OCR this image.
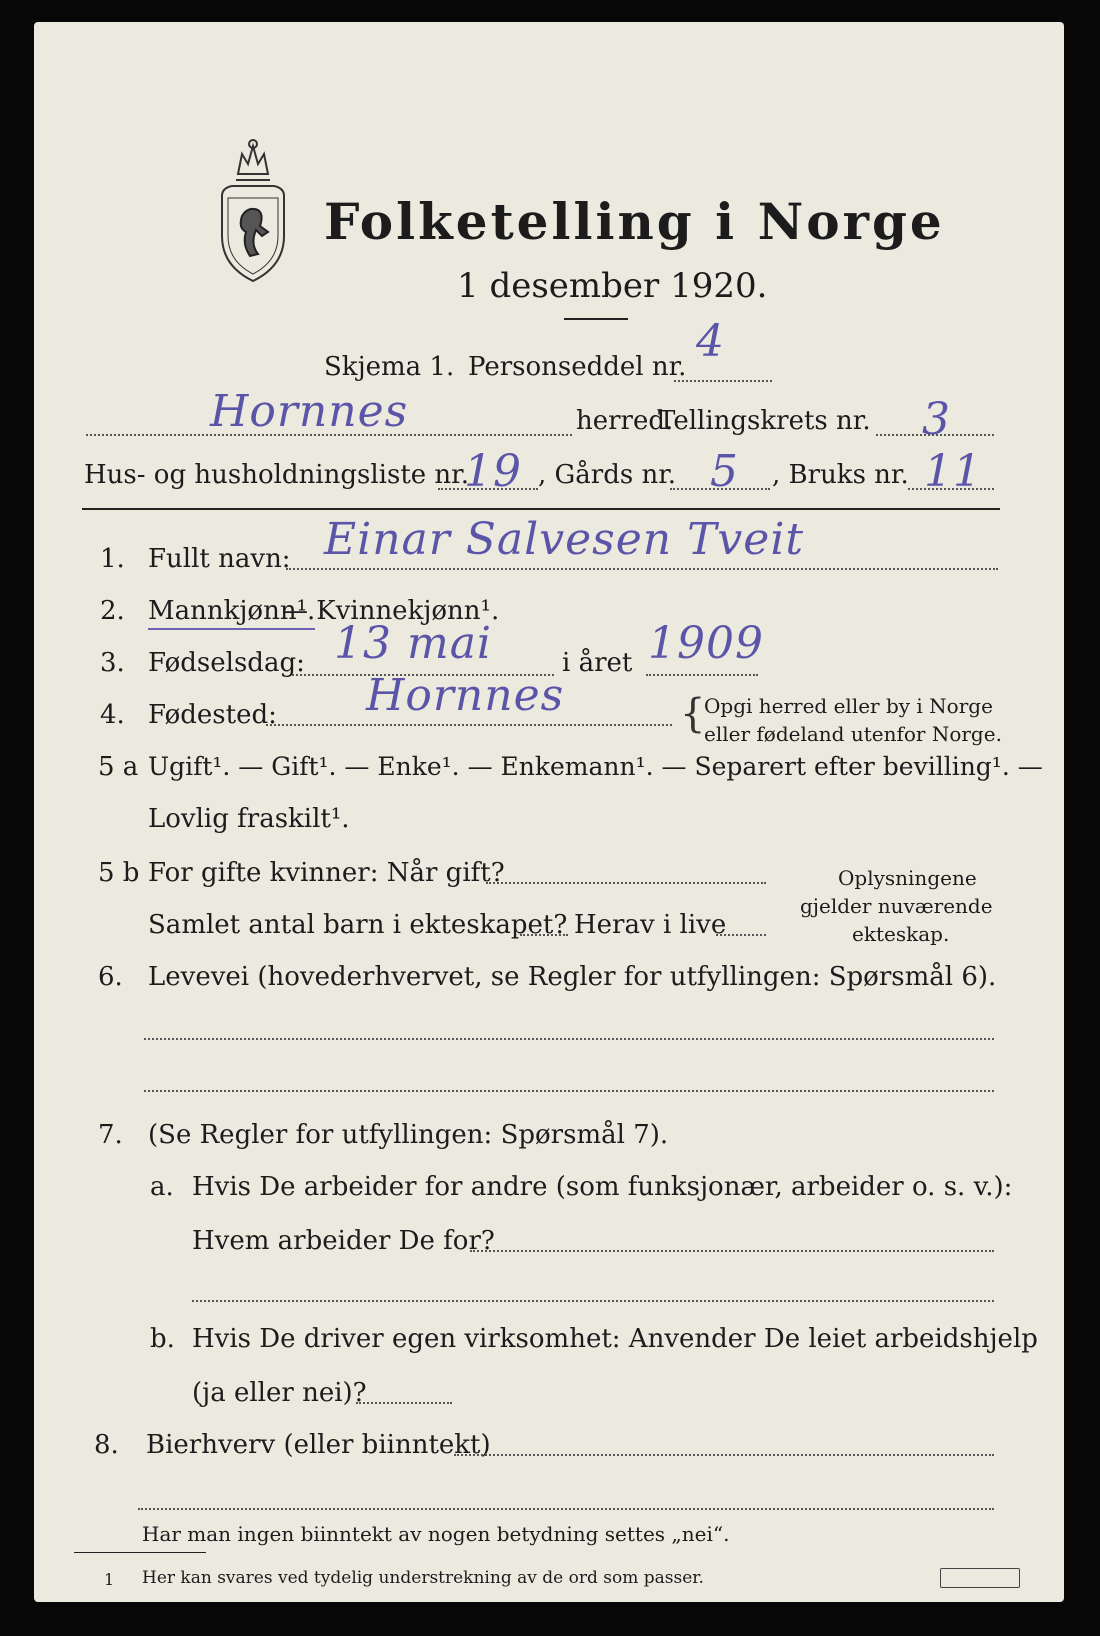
Folketelling i Norge
1 desember 1920.
Skjema 1. Personseddel nr. 4
Hornnes	herred.
Tellingskrets nr. 3
Hus- og husholdningsliste nr.
19 , Gårds nr. 5 , Bruks nr. 11
1. Fullt navn: Einar Salvesen Tveit
2. Mannkjønn¹.
— Kvinnekjønn¹.
3. Fødselsdag: 13 mai	i året 1909
4. Fødested: Hornnes	{
Opgi herred eller by i Norge
eller fødeland utenfor Norge.
5 a Ugift¹. — Gift¹. — Enke¹. — Enkemann¹. — Separert efter bevilling¹. —
Lovlig fraskilt¹.
5 b For gifte kvinner: Når gift?
Samlet antal barn i ekteskapet? Herav i live
Oplysningene
gjelder nuværende
ekteskap.
6. Levevei (hovederhvervet, se Regler for utfyllingen: Spørsmål 6).
7. (Se Regler for utfyllingen: Spørsmål 7).
a. Hvis De arbeider for andre (som funksjonær, arbeider o. s. v.):
Hvem arbeider De for?
b. Hvis De driver egen virksomhet: Anvender De leiet arbeidshjelp
(ja eller nei)?
8. Bierhverv (eller biinntekt)
Har man ingen biinntekt av nogen betydning settes „nei“.
1 Her kan svares ved tydelig understrekning av de ord som passer.
